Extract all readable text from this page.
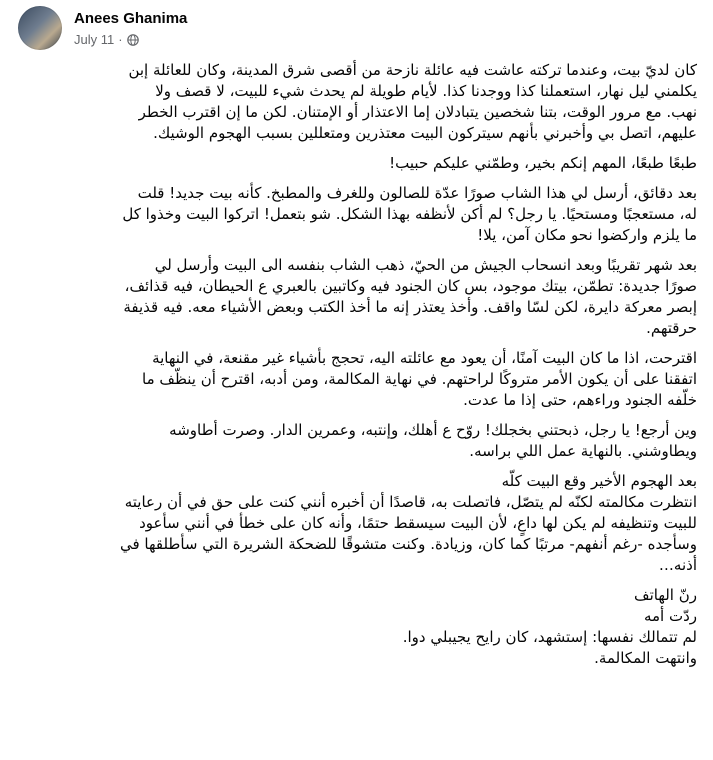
Anees Ghanima
July 11 ·

كان لديّ بيت، وعندما تركته عاشت فيه عائلة نازحة من أقصى شرق المدينة، وكان للعائلة إبن
يكلمني ليل نهار، استعملنا كذا ووجدنا كذا. لأيام طويلة لم يحدث شيء للبيت، لا قصف ولا
نهب. مع مرور الوقت، بتنا شخصين يتبادلان إما الاعتذار أو الإمتنان. لكن ما إن اقترب الخطر
عليهم، اتصل بي وأخبرني بأنهم سيتركون البيت معتذرين ومتعللين بسبب الهجوم الوشيك.

طبعًا طبعًا، المهم إنكم بخير، وطمّني عليكم حبيب!

بعد دقائق، أرسل لي هذا الشاب صورًا عدّة للصالون وللغرف والمطبخ. كأنه بيت جديد! قلت
له، مستعجبًا ومستحيًا. يا رجل؟ لم أكن لأنظفه بهذا الشكل. شو بتعمل! اتركوا البيت وخذوا كل
ما يلزم واركضوا نحو مكان آمن، يلا!

بعد شهر تقريبًا وبعد انسحاب الجيش من الحيّ، ذهب الشاب بنفسه الى البيت وأرسل لي
صورًا جديدة: تطمّن، بيتك موجود، بس كان الجنود فيه وكاتبين بالعبري ع الحيطان، فيه قذائف،
إبصر معركة دايرة، لكن لسّا واقف. وأخذ يعتذر إنه ما أخذ الكتب وبعض الأشياء معه. فيه قذيفة
حرقتهم.

اقترحت، اذا ما كان البيت آمنًا، أن يعود مع عائلته اليه، تحجج بأشياء غير مقنعة، في النهاية
اتفقنا على أن يكون الأمر متروكًا لراحتهم. في نهاية المكالمة، ومن أدبه، اقترح أن ينظّف ما
خلّفه الجنود وراءهم، حتى إذا ما عدت.

وين أرجع! يا رجل، ذبحتني بخجلك! روّح ع أهلك، وإنتبه، وعمرين الدار. وصرت أطاوشه
ويطاوشني. بالنهاية عمل اللي براسه.

بعد الهجوم الأخير وقع البيت كلّه
انتظرت مكالمته لكنّه لم يتصّل، فاتصلت به، قاصدًا أن أخبره أنني كنت على حق في أن رعايته
للبيت وتنظيفه لم يكن لها داعٍ، لأن البيت سيسقط حتمًا، وأنه كان على خطأ في أنني سأعود
وسأجده -رغم أنفهم- مرتبًا كما كان، وزيادة. وكنت متشوقًا للضحكة الشريرة التي سأطلقها في
أذنه…

رنّ الهاتف
ردّت أمه
لم تتمالك نفسها: إستشهد، كان رايح يجيبلي دوا.
وانتهت المكالمة.
